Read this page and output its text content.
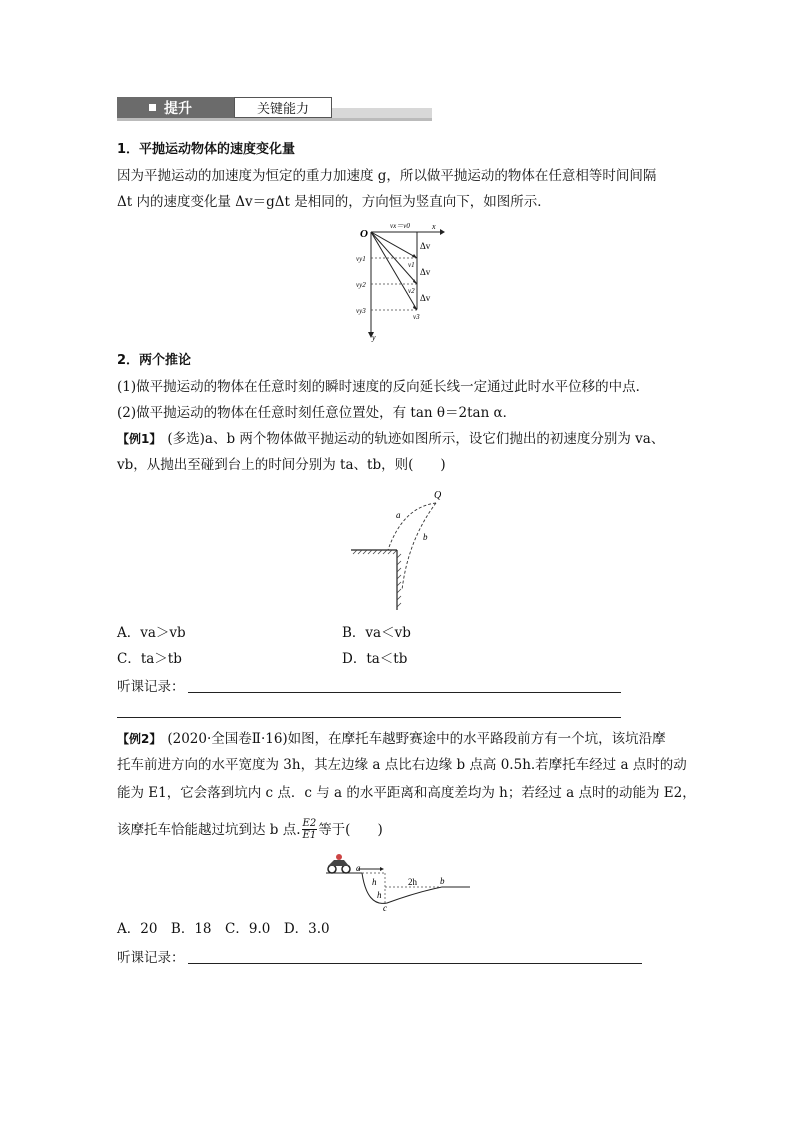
提升	关键能力
1．平抛运动物体的速度变化量
因为平抛运动的加速度为恒定的重力加速度 g，所以做平抛运动的物体在任意相等时间间隔
Δt 内的速度变化量 Δv＝gΔt 是相同的，方向恒为竖直向下，如图所示．
O
vx＝v0	x
y
Δv
Δv
Δv
vy1
vy2
vy3
v1
v2
v3
2．两个推论
(1)做平抛运动的物体在任意时刻的瞬时速度的反向延长线一定通过此时水平位移的中点．
(2)做平抛运动的物体在任意时刻任意位置处，有 tan θ＝2tan α．
【例1】 (多选)a、b 两个物体做平抛运动的轨迹如图所示，设它们抛出的初速度分别为 va、
vb，从抛出至碰到台上的时间分别为 ta、tb，则(　　)
Q
a
b
A．va＞vb	B．va＜vb
C．ta＞tb	D．ta＜tb
听课记录：
【例2】 (2020·全国卷Ⅱ·16)如图，在摩托车越野赛途中的水平路段前方有一个坑，该坑沿摩
托车前进方向的水平宽度为 3h，其左边缘 a 点比右边缘 b 点高 0.5h.若摩托车经过 a 点时的动
能为 E1，它会落到坑内 c 点．c 与 a 的水平距离和高度差均为 h；若经过 a 点时的动能为 E2，
该摩托车恰能越过坑到达 b 点. $\frac{E2}{E1}$ 等于(　　)
a
h
h
2h	b
c
A．20　B．18　C．9.0　D．3.0
听课记录：
